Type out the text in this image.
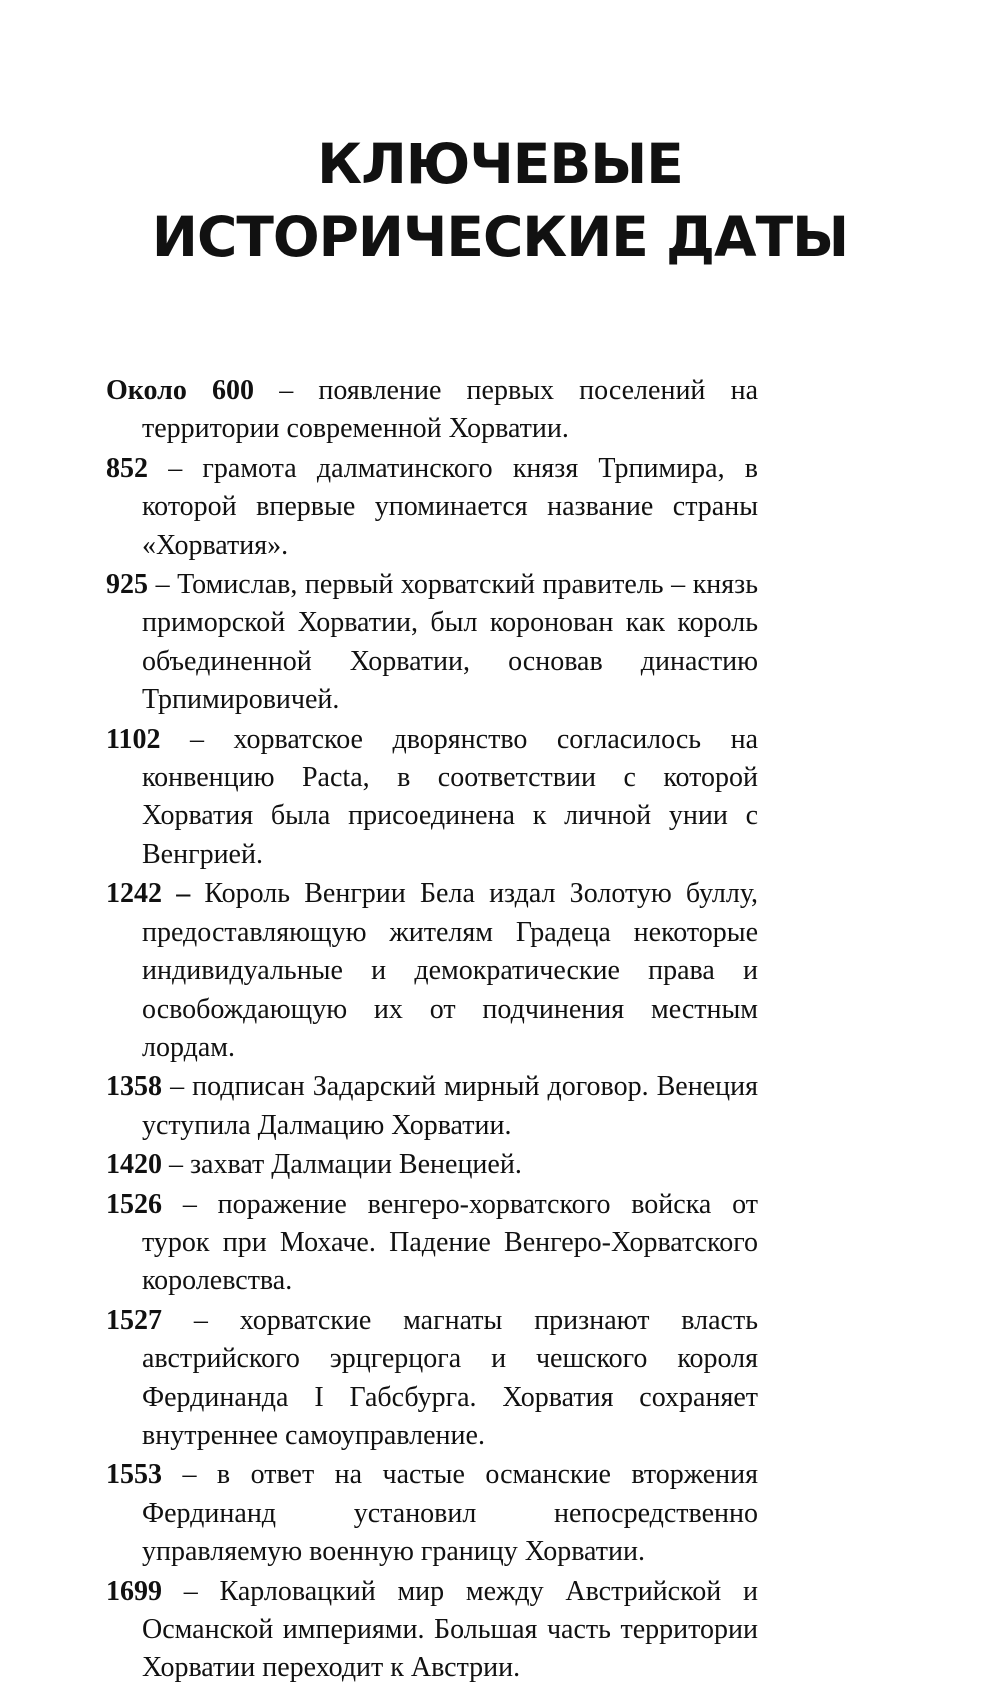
КЛЮЧЕВЫЕ
ИСТОРИЧЕСКИЕ ДАТЫ

Около 600 – появление первых поселений на территории современной Хорватии.

852 – грамота далматинского князя Трпимира, в которой впервые упоминается название страны «Хорватия».

925 – Томислав, первый хорватский правитель – князь приморской Хорватии, был коронован как король объединенной Хорватии, основав династию Трпимировичей.

1102 – хорватское дворянство согласилось на конвенцию Pacta, в соответствии с которой Хорватия была присоединена к личной унии с Венгрией.

1242 – Король Венгрии Бела издал Золотую буллу, предоставляющую жителям Градеца некоторые индивидуальные и демократические права и освобождающую их от подчинения местным лордам.

1358 – подписан Задарский мирный договор. Венеция уступила Далмацию Хорватии.

1420 – захват Далмации Венецией.

1526 – поражение венгеро-хорватского войска от турок при Мохаче. Падение Венгеро-Хорватского королевства.

1527 – хорватские магнаты признают власть австрийского эрцгерцога и чешского короля Фердинанда I Габсбурга. Хорватия сохраняет внутреннее самоуправление.

1553 – в ответ на частые османские вторжения Фердинанд установил непосредственно управляемую военную границу Хорватии.

1699 – Карловацкий мир между Австрийской и Османской империями. Большая часть территории Хорватии переходит к Австрии.
